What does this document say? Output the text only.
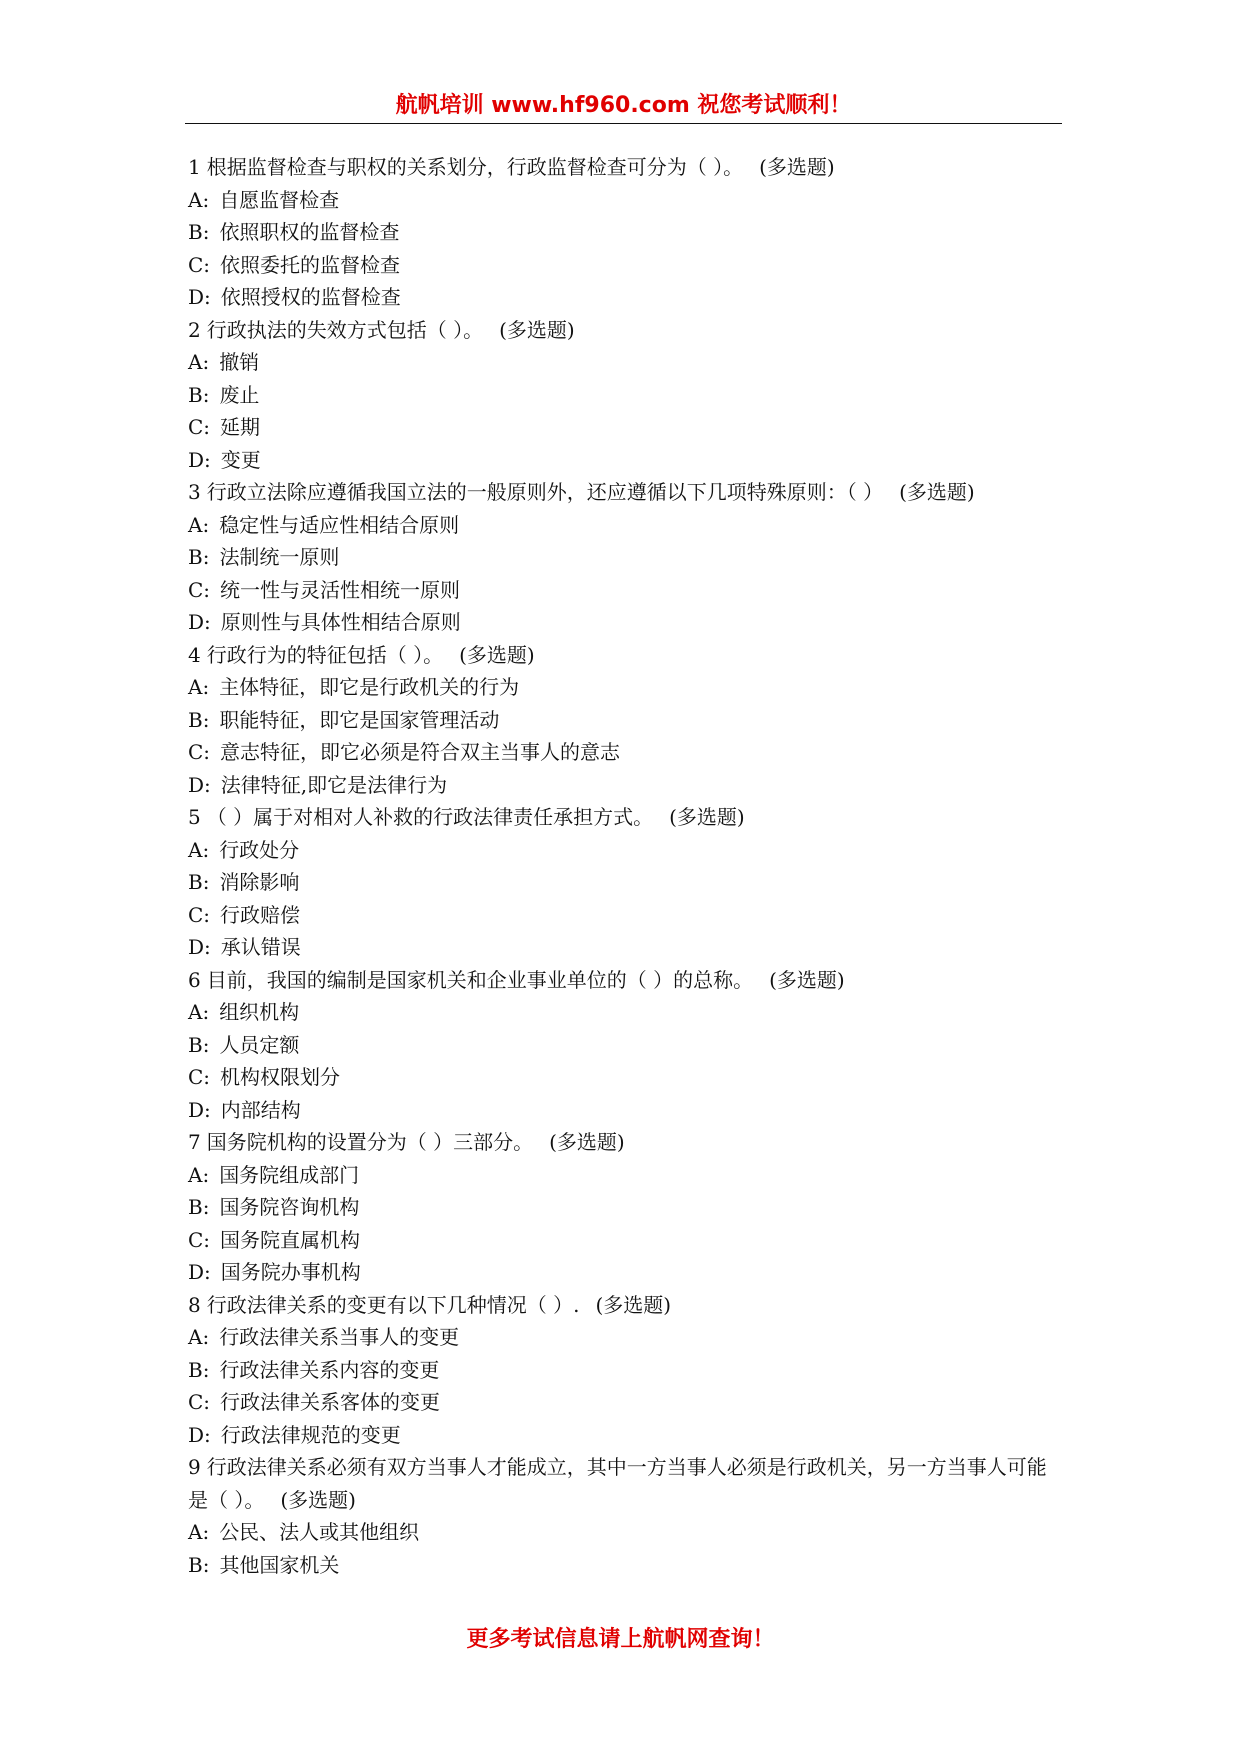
航帆培训 www.hf960.com 祝您考试顺利！
1 根据监督检查与职权的关系划分，行政监督检查可分为（ ）。 (多选题)
A: 自愿监督检查
B: 依照职权的监督检查
C: 依照委托的监督检查
D: 依照授权的监督检查
2 行政执法的失效方式包括（ ）。 (多选题)
A: 撤销
B: 废止
C: 延期
D: 变更
3 行政立法除应遵循我国立法的一般原则外，还应遵循以下几项特殊原则：（ ） (多选题)
A: 稳定性与适应性相结合原则
B: 法制统一原则
C: 统一性与灵活性相统一原则
D: 原则性与具体性相结合原则
4 行政行为的特征包括（ ）。 (多选题)
A: 主体特征，即它是行政机关的行为
B: 职能特征，即它是国家管理活动
C: 意志特征，即它必须是符合双主当事人的意志
D: 法律特征,即它是法律行为
5 （ ）属于对相对人补救的行政法律责任承担方式。 (多选题)
A: 行政处分
B: 消除影响
C: 行政赔偿
D: 承认错误
6 目前，我国的编制是国家机关和企业事业单位的（ ）的总称。 (多选题)
A: 组织机构
B: 人员定额
C: 机构权限划分
D: 内部结构
7 国务院机构的设置分为（ ）三部分。 (多选题)
A: 国务院组成部门
B: 国务院咨询机构
C: 国务院直属机构
D: 国务院办事机构
8 行政法律关系的变更有以下几种情况（ ）. (多选题)
A: 行政法律关系当事人的变更
B: 行政法律关系内容的变更
C: 行政法律关系客体的变更
D: 行政法律规范的变更
9 行政法律关系必须有双方当事人才能成立，其中一方当事人必须是行政机关，另一方当事人可能是（ ）。 (多选题)
A: 公民、法人或其他组织
B: 其他国家机关
更多考试信息请上航帆网查询！
